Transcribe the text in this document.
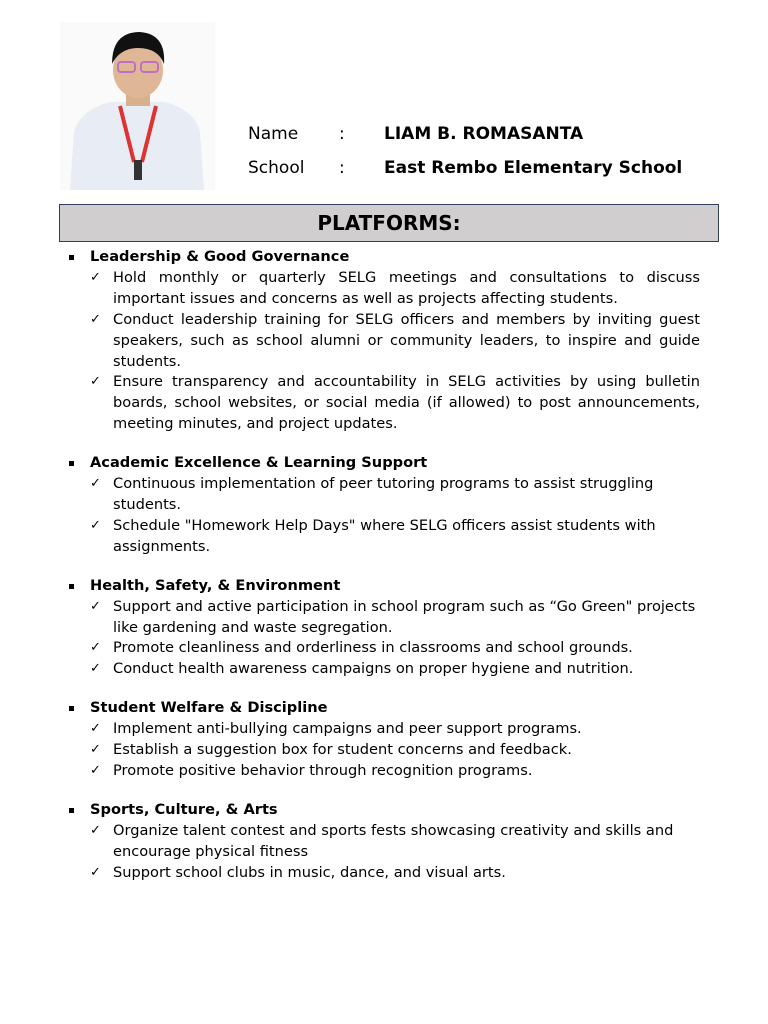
Name : LIAM B. ROMASANTA
School : East Rembo Elementary School
PLATFORMS:
Leadership & Good Governance
✓ Hold monthly or quarterly SELG meetings and consultations to discuss important issues and concerns as well as projects affecting students.
✓ Conduct leadership training for SELG officers and members by inviting guest speakers, such as school alumni or community leaders, to inspire and guide students.
✓ Ensure transparency and accountability in SELG activities by using bulletin boards, school websites, or social media (if allowed) to post announcements, meeting minutes, and project updates.
Academic Excellence & Learning Support
✓ Continuous implementation of peer tutoring programs to assist struggling students.
✓ Schedule "Homework Help Days" where SELG officers assist students with assignments.
Health, Safety, & Environment
✓ Support and active participation in school program such as “Go Green" projects like gardening and waste segregation.
✓ Promote cleanliness and orderliness in classrooms and school grounds.
✓ Conduct health awareness campaigns on proper hygiene and nutrition.
Student Welfare & Discipline
✓ Implement anti-bullying campaigns and peer support programs.
✓ Establish a suggestion box for student concerns and feedback.
✓ Promote positive behavior through recognition programs.
Sports, Culture, & Arts
✓ Organize talent contest and sports fests showcasing creativity and skills and encourage physical fitness
✓ Support school clubs in music, dance, and visual arts.
